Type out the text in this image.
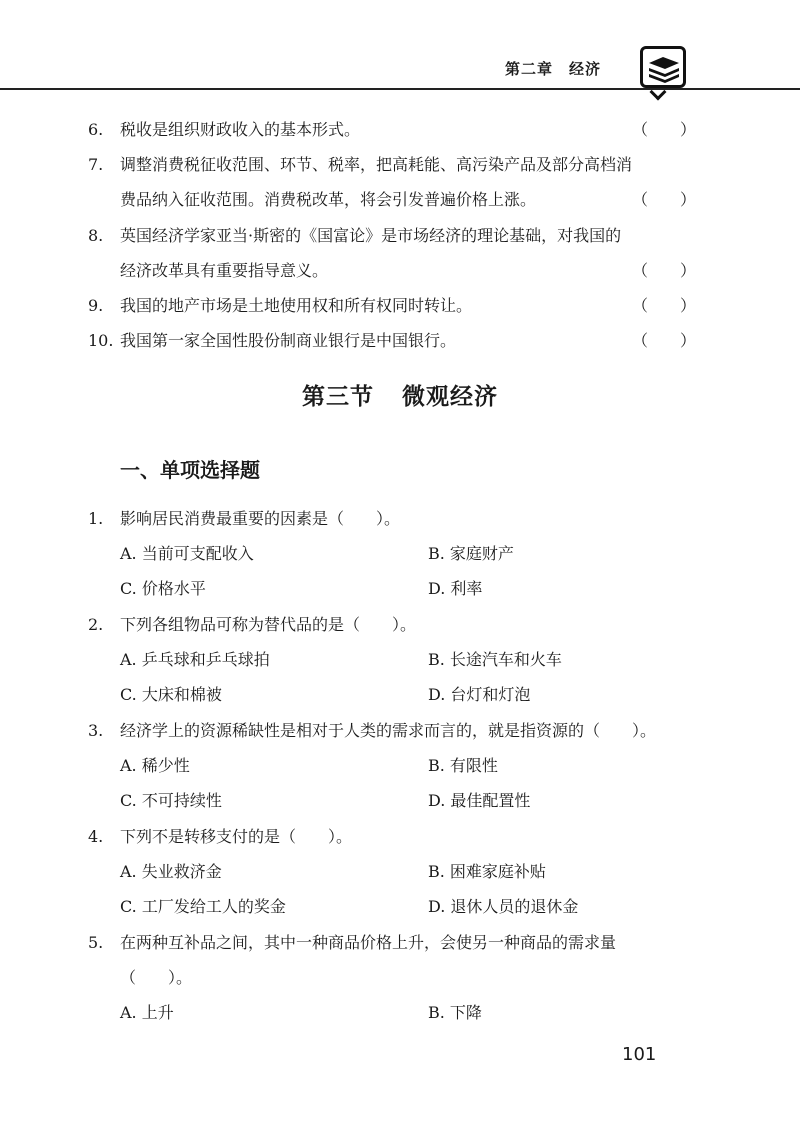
第二章　经济
6.	税收是组织财政收入的基本形式。	（　　）
7.	调整消费税征收范围、环节、税率，把高耗能、高污染产品及部分高档消
费品纳入征收范围。消费税改革，将会引发普遍价格上涨。	（　　）
8.	英国经济学家亚当·斯密的《国富论》是市场经济的理论基础，对我国的
经济改革具有重要指导意义。	（　　）
9.	我国的地产市场是土地使用权和所有权同时转让。	（　　）
10. 我国第一家全国性股份制商业银行是中国银行。	（　　）
第三节 微观经济
一、单项选择题
1. 影响居民消费最重要的因素是（　　）。
A. 当前可支配收入	B. 家庭财产
C. 价格水平	D. 利率
2. 下列各组物品可称为替代品的是（　　）。
A. 乒乓球和乒乓球拍	B. 长途汽车和火车
C. 大床和棉被	D. 台灯和灯泡
3. 经济学上的资源稀缺性是相对于人类的需求而言的，就是指资源的（　　）。
A. 稀少性	B. 有限性
C. 不可持续性	D. 最佳配置性
4. 下列不是转移支付的是（　　）。
A. 失业救济金	B. 困难家庭补贴
C. 工厂发给工人的奖金	D. 退休人员的退休金
5. 在两种互补品之间，其中一种商品价格上升，会使另一种商品的需求量
（　　）。
A. 上升	B. 下降
101
